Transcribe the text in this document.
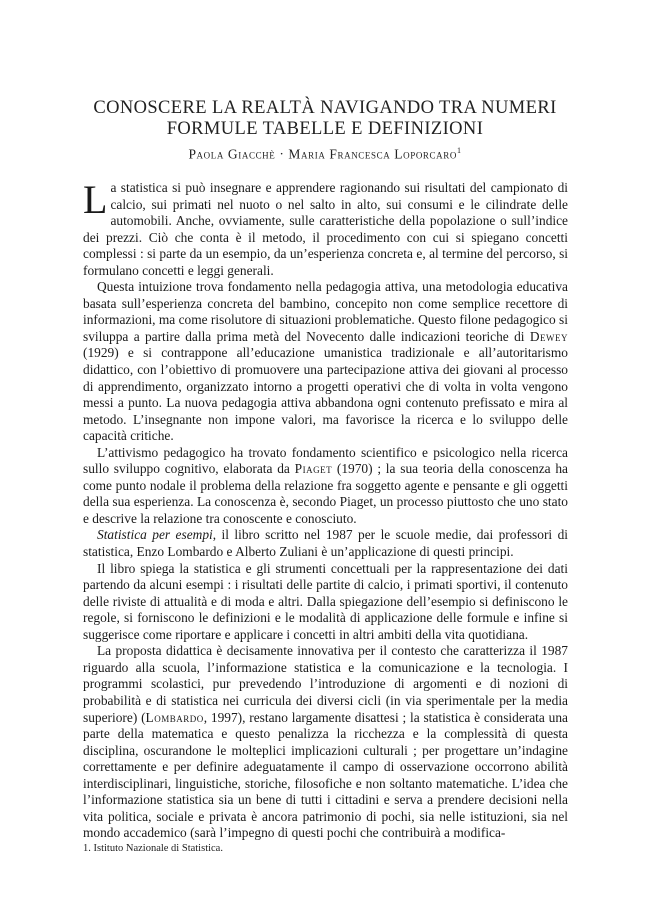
CONOSCERE LA REALTÀ NAVIGANDO TRA NUMERI
FORMULE TABELLE E DEFINIZIONI
Paola Giacchè · Maria Francesca Loporcaro$^1$

La statistica si può insegnare e apprendere ragionando sui risultati del campionato di calcio, sui primati nel nuoto o nel salto in alto, sui consumi e le cilindrate delle automobili. Anche, ovviamente, sulle caratteristiche della popolazione o sull’indice dei prezzi. Ciò che conta è il metodo, il procedimento con cui si spiegano concetti complessi : si parte da un esempio, da un’esperienza concreta e, al termine del percorso, si formulano concetti e leggi generali.

Questa intuizione trova fondamento nella pedagogia attiva, una metodologia educativa basata sull’esperienza concreta del bambino, concepito non come semplice recettore di informazioni, ma come risolutore di situazioni problematiche. Questo filone pedagogico si sviluppa a partire dalla prima metà del Novecento dalle indicazioni teoriche di Dewey (1929) e si contrappone all’educazione umanistica tradizionale e all’autoritarismo didattico, con l’obiettivo di promuovere una partecipazione attiva dei giovani al processo di apprendimento, organizzato intorno a progetti operativi che di volta in volta vengono messi a punto. La nuova pedagogia attiva abbandona ogni contenuto prefissato e mira al metodo. L’insegnante non impone valori, ma favorisce la ricerca e lo sviluppo delle capacità critiche.

L’attivismo pedagogico ha trovato fondamento scientifico e psicologico nella ricerca sullo sviluppo cognitivo, elaborata da Piaget (1970) ; la sua teoria della conoscenza ha come punto nodale il problema della relazione fra soggetto agente e pensante e gli oggetti della sua esperienza. La conoscenza è, secondo Piaget, un processo piuttosto che uno stato e descrive la relazione tra conoscente e conosciuto.

Statistica per esempi, il libro scritto nel 1987 per le scuole medie, dai professori di statistica, Enzo Lombardo e Alberto Zuliani è un’applicazione di questi principi.

Il libro spiega la statistica e gli strumenti concettuali per la rappresentazione dei dati partendo da alcuni esempi : i risultati delle partite di calcio, i primati sportivi, il contenuto delle riviste di attualità e di moda e altri. Dalla spiegazione dell’esempio si definiscono le regole, si forniscono le definizioni e le modalità di applicazione delle formule e infine si suggerisce come riportare e applicare i concetti in altri ambiti della vita quotidiana.

La proposta didattica è decisamente innovativa per il contesto che caratterizza il 1987 riguardo alla scuola, l’informazione statistica e la comunicazione e la tecnologia. I programmi scolastici, pur prevedendo l’introduzione di argomenti e di nozioni di probabilità e di statistica nei curricula dei diversi cicli (in via sperimentale per la media superiore) (Lombardo, 1997), restano largamente disattesi ; la statistica è considerata una parte della matematica e questo penalizza la ricchezza e la complessità di questa disciplina, oscurandone le molteplici implicazioni culturali ; per progettare un’indagine correttamente e per definire adeguatamente il campo di osservazione occorrono abilità interdisciplinari, linguistiche, storiche, filosofiche e non soltanto matematiche. L’idea che l’informazione statistica sia un bene di tutti i cittadini e serva a prendere decisioni nella vita politica, sociale e privata è ancora patrimonio di pochi, sia nelle istituzioni, sia nel mondo accademico (sarà l’impegno di questi pochi che contribuirà a modifica-

1. Istituto Nazionale di Statistica.
